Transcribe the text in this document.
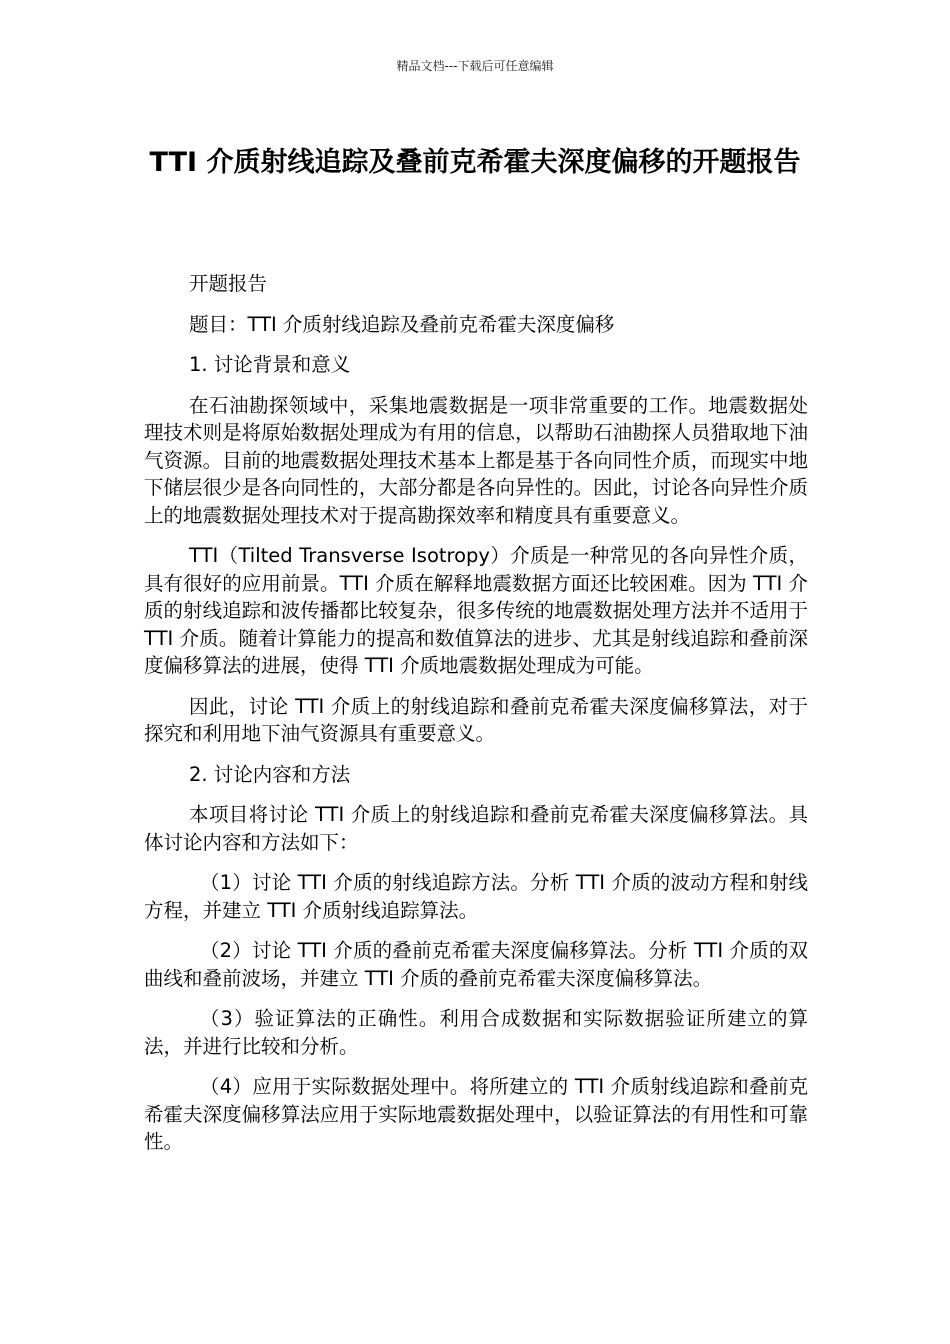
精品文档---下载后可任意编辑
TTI 介质射线追踪及叠前克希霍夫深度偏移的开题报告

开题报告

题目：TTI 介质射线追踪及叠前克希霍夫深度偏移

1. 讨论背景和意义

在石油勘探领域中，采集地震数据是一项非常重要的工作。地震数据处理技术则是将原始数据处理成为有用的信息，以帮助石油勘探人员猎取地下油气资源。目前的地震数据处理技术基本上都是基于各向同性介质，而现实中地下储层很少是各向同性的，大部分都是各向异性的。因此，讨论各向异性介质上的地震数据处理技术对于提高勘探效率和精度具有重要意义。

TTI（Tilted Transverse Isotropy）介质是一种常见的各向异性介质，具有很好的应用前景。TTI 介质在解释地震数据方面还比较困难。因为 TTI 介质的射线追踪和波传播都比较复杂，很多传统的地震数据处理方法并不适用于 TTI 介质。随着计算能力的提高和数值算法的进步、尤其是射线追踪和叠前深度偏移算法的进展，使得 TTI 介质地震数据处理成为可能。

因此，讨论 TTI 介质上的射线追踪和叠前克希霍夫深度偏移算法，对于探究和利用地下油气资源具有重要意义。

2. 讨论内容和方法

本项目将讨论 TTI 介质上的射线追踪和叠前克希霍夫深度偏移算法。具体讨论内容和方法如下：

（1）讨论 TTI 介质的射线追踪方法。分析 TTI 介质的波动方程和射线方程，并建立 TTI 介质射线追踪算法。

（2）讨论 TTI 介质的叠前克希霍夫深度偏移算法。分析 TTI 介质的双曲线和叠前波场，并建立 TTI 介质的叠前克希霍夫深度偏移算法。

（3）验证算法的正确性。利用合成数据和实际数据验证所建立的算法，并进行比较和分析。

（4）应用于实际数据处理中。将所建立的 TTI 介质射线追踪和叠前克希霍夫深度偏移算法应用于实际地震数据处理中，以验证算法的有用性和可靠性。
